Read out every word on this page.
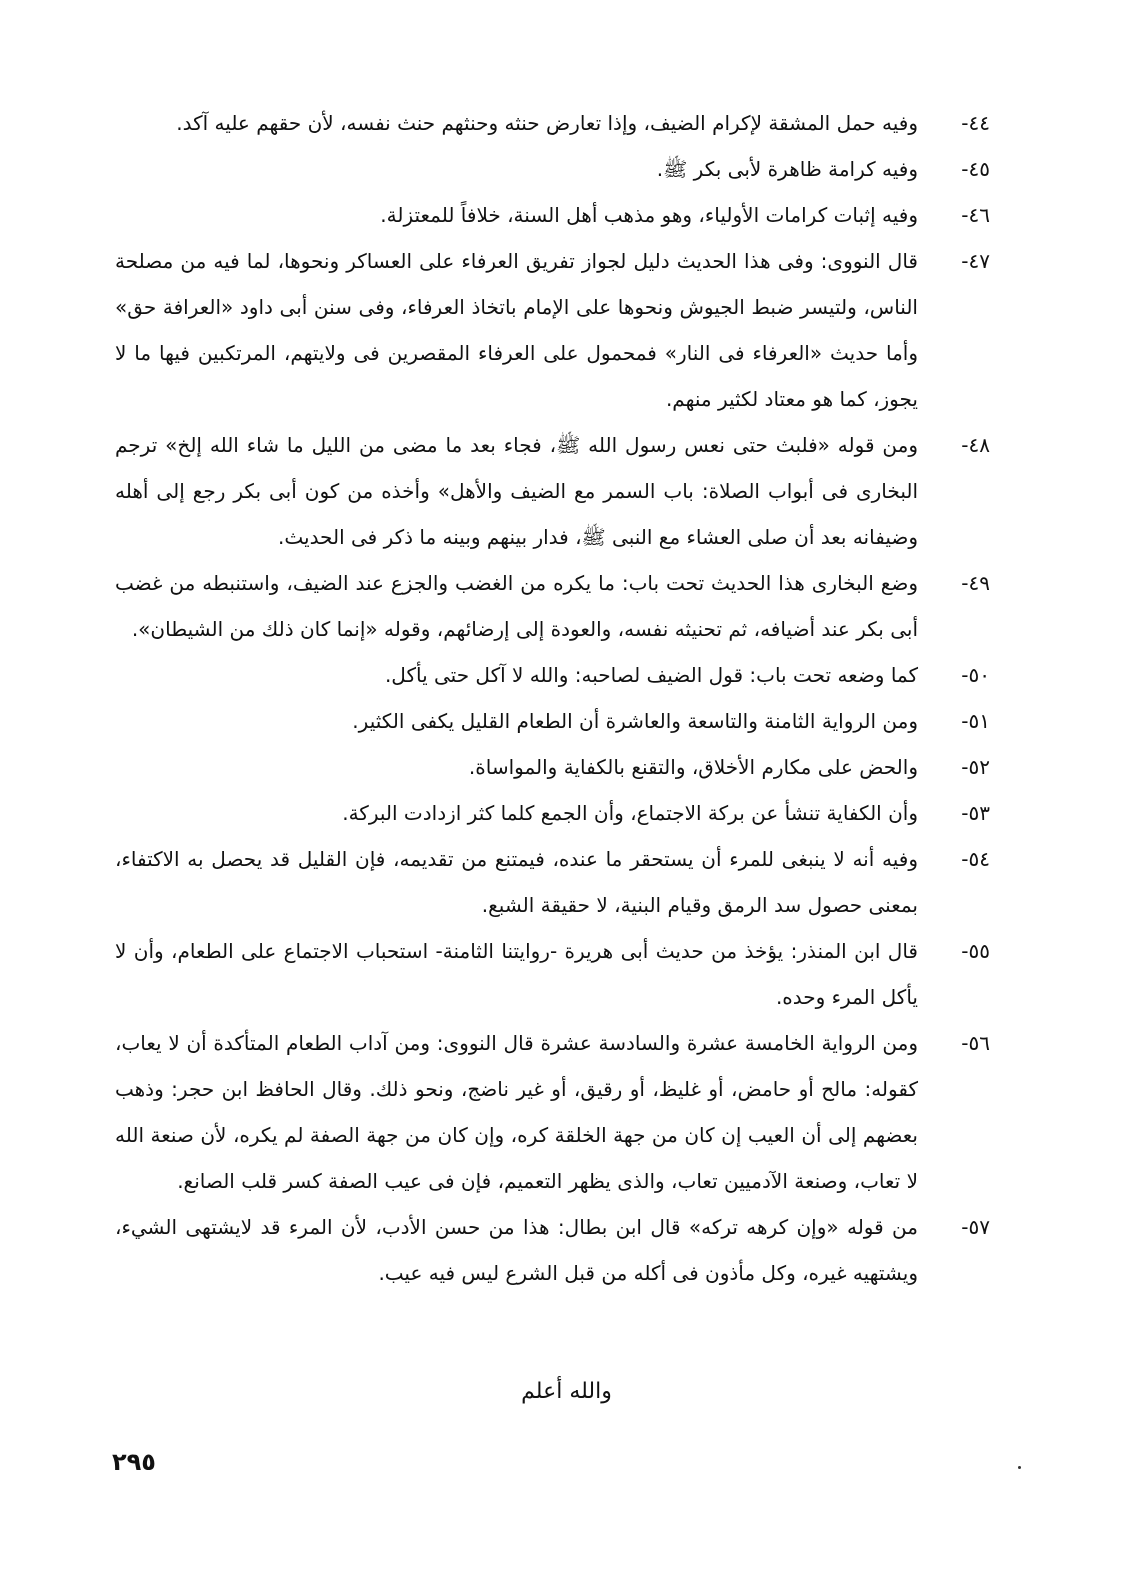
٤٤-
وفيه حمل المشقة لإكرام الضيف، وإذا تعارض حنثه وحنثهم حنث نفسه، لأن حقهم عليه آكد.
٤٥-
وفيه كرامة ظاهرة لأبى بكر ﷺ.
٤٦-
وفيه إثبات كرامات الأولياء، وهو مذهب أهل السنة، خلافاً للمعتزلة.
٤٧-
قال النووى: وفى هذا الحديث دليل لجواز تفريق العرفاء على العساكر ونحوها، لما فيه من مصلحة الناس، ولتيسر ضبط الجيوش ونحوها على الإمام باتخاذ العرفاء، وفى سنن أبى داود «العرافة حق» وأما حديث «العرفاء فى النار» فمحمول على العرفاء المقصرين فى ولايتهم، المرتكبين فيها ما لا يجوز، كما هو معتاد لكثير منهم.
٤٨-
ومن قوله «فلبث حتى نعس رسول الله ﷺ، فجاء بعد ما مضى من الليل ما شاء الله إلخ» ترجم البخارى فى أبواب الصلاة: باب السمر مع الضيف والأهل» وأخذه من كون أبى بكر رجع إلى أهله وضيفانه بعد أن صلى العشاء مع النبى ﷺ، فدار بينهم وبينه ما ذكر فى الحديث.
٤٩-
وضع البخارى هذا الحديث تحت باب: ما يكره من الغضب والجزع عند الضيف، واستنبطه من غضب أبى بكر عند أضيافه، ثم تحنيثه نفسه، والعودة إلى إرضائهم، وقوله «إنما كان ذلك من الشيطان».
٥٠-
كما وضعه تحت باب: قول الضيف لصاحبه: والله لا آكل حتى يأكل.
٥١-
ومن الرواية الثامنة والتاسعة والعاشرة أن الطعام القليل يكفى الكثير.
٥٢-
والحض على مكارم الأخلاق، والتقنع بالكفاية والمواساة.
٥٣-
وأن الكفاية تنشأ عن بركة الاجتماع، وأن الجمع كلما كثر ازدادت البركة.
٥٤-
وفيه أنه لا ينبغى للمرء أن يستحقر ما عنده، فيمتنع من تقديمه، فإن القليل قد يحصل به الاكتفاء، بمعنى حصول سد الرمق وقيام البنية، لا حقيقة الشبع.
٥٥-
قال ابن المنذر: يؤخذ من حديث أبى هريرة -روايتنا الثامنة- استحباب الاجتماع على الطعام، وأن لا يأكل المرء وحده.
٥٦-
ومن الرواية الخامسة عشرة والسادسة عشرة قال النووى: ومن آداب الطعام المتأكدة أن لا يعاب، كقوله: مالح أو حامض، أو غليظ، أو رقيق، أو غير ناضج، ونحو ذلك. وقال الحافظ ابن حجر: وذهب بعضهم إلى أن العيب إن كان من جهة الخلقة كره، وإن كان من جهة الصفة لم يكره، لأن صنعة الله لا تعاب، وصنعة الآدميين تعاب، والذى يظهر التعميم، فإن فى عيب الصفة كسر قلب الصانع.
٥٧-
من قوله «وإن كرهه تركه» قال ابن بطال: هذا من حسن الأدب، لأن المرء قد لايشتهى الشيء، ويشتهيه غيره، وكل مأذون فى أكله من قبل الشرع ليس فيه عيب.
والله أعلم
٢٩٥
